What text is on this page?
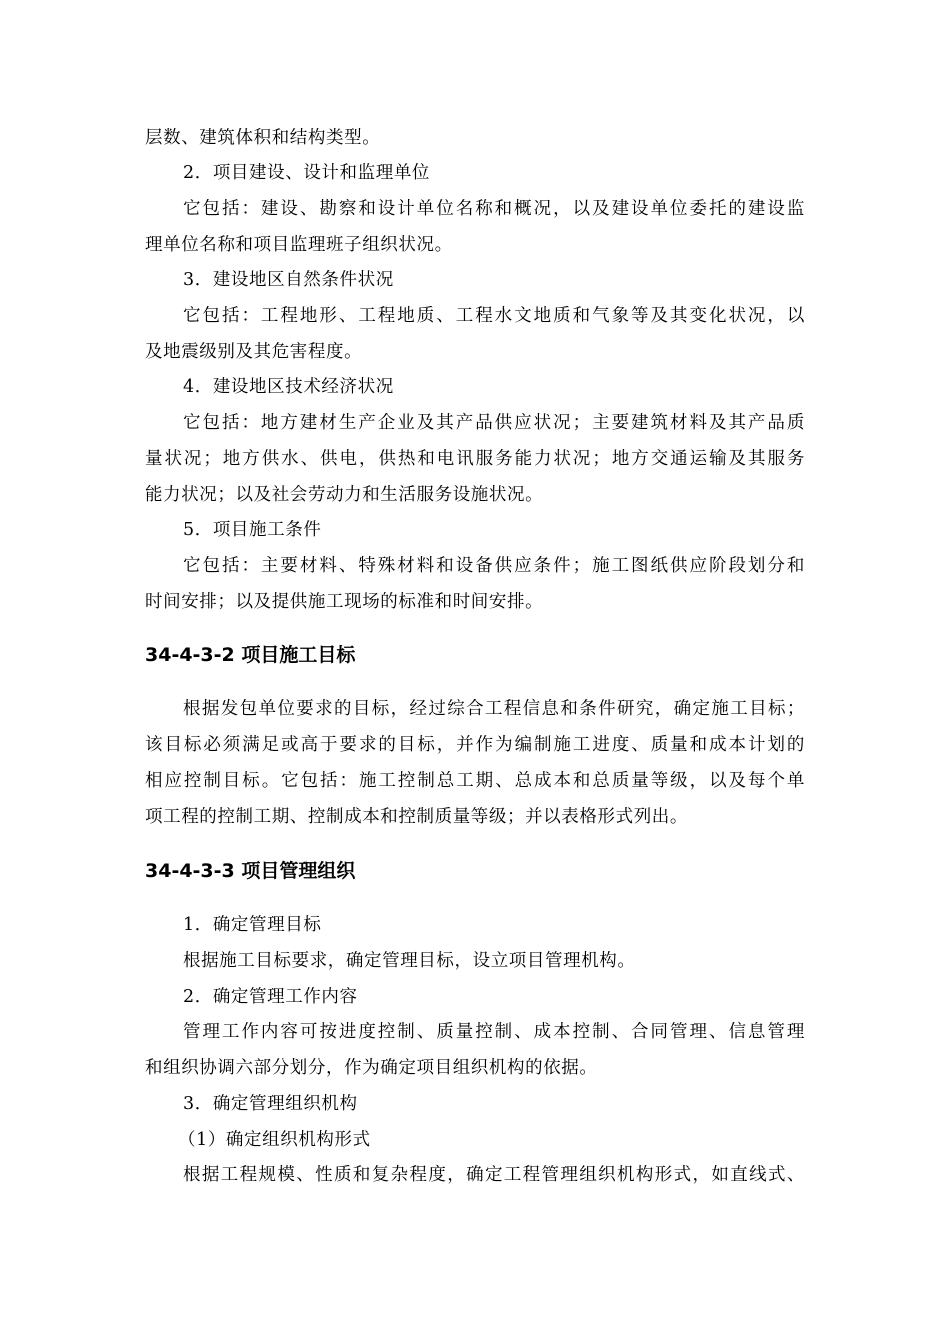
层数、建筑体积和结构类型。
2．项目建设、设计和监理单位
它包括：建设、勘察和设计单位名称和概况，以及建设单位委托的建设监
理单位名称和项目监理班子组织状况。
3．建设地区自然条件状况
它包括：工程地形、工程地质、工程水文地质和气象等及其变化状况，以
及地震级别及其危害程度。
4．建设地区技术经济状况
它包括：地方建材生产企业及其产品供应状况；主要建筑材料及其产品质
量状况；地方供水、供电，供热和电讯服务能力状况；地方交通运输及其服务
能力状况；以及社会劳动力和生活服务设施状况。
5．项目施工条件
它包括：主要材料、特殊材料和设备供应条件；施工图纸供应阶段划分和
时间安排；以及提供施工现场的标准和时间安排。
34-4-3-2 项目施工目标
根据发包单位要求的目标，经过综合工程信息和条件研究，确定施工目标；
该目标必须满足或高于要求的目标，并作为编制施工进度、质量和成本计划的
相应控制目标。它包括：施工控制总工期、总成本和总质量等级，以及每个单
项工程的控制工期、控制成本和控制质量等级；并以表格形式列出。
34-4-3-3 项目管理组织
1．确定管理目标
根据施工目标要求，确定管理目标，设立项目管理机构。
2．确定管理工作内容
管理工作内容可按进度控制、质量控制、成本控制、合同管理、信息管理
和组织协调六部分划分，作为确定项目组织机构的依据。
3．确定管理组织机构
（1）确定组织机构形式
根据工程规模、性质和复杂程度，确定工程管理组织机构形式，如直线式、
